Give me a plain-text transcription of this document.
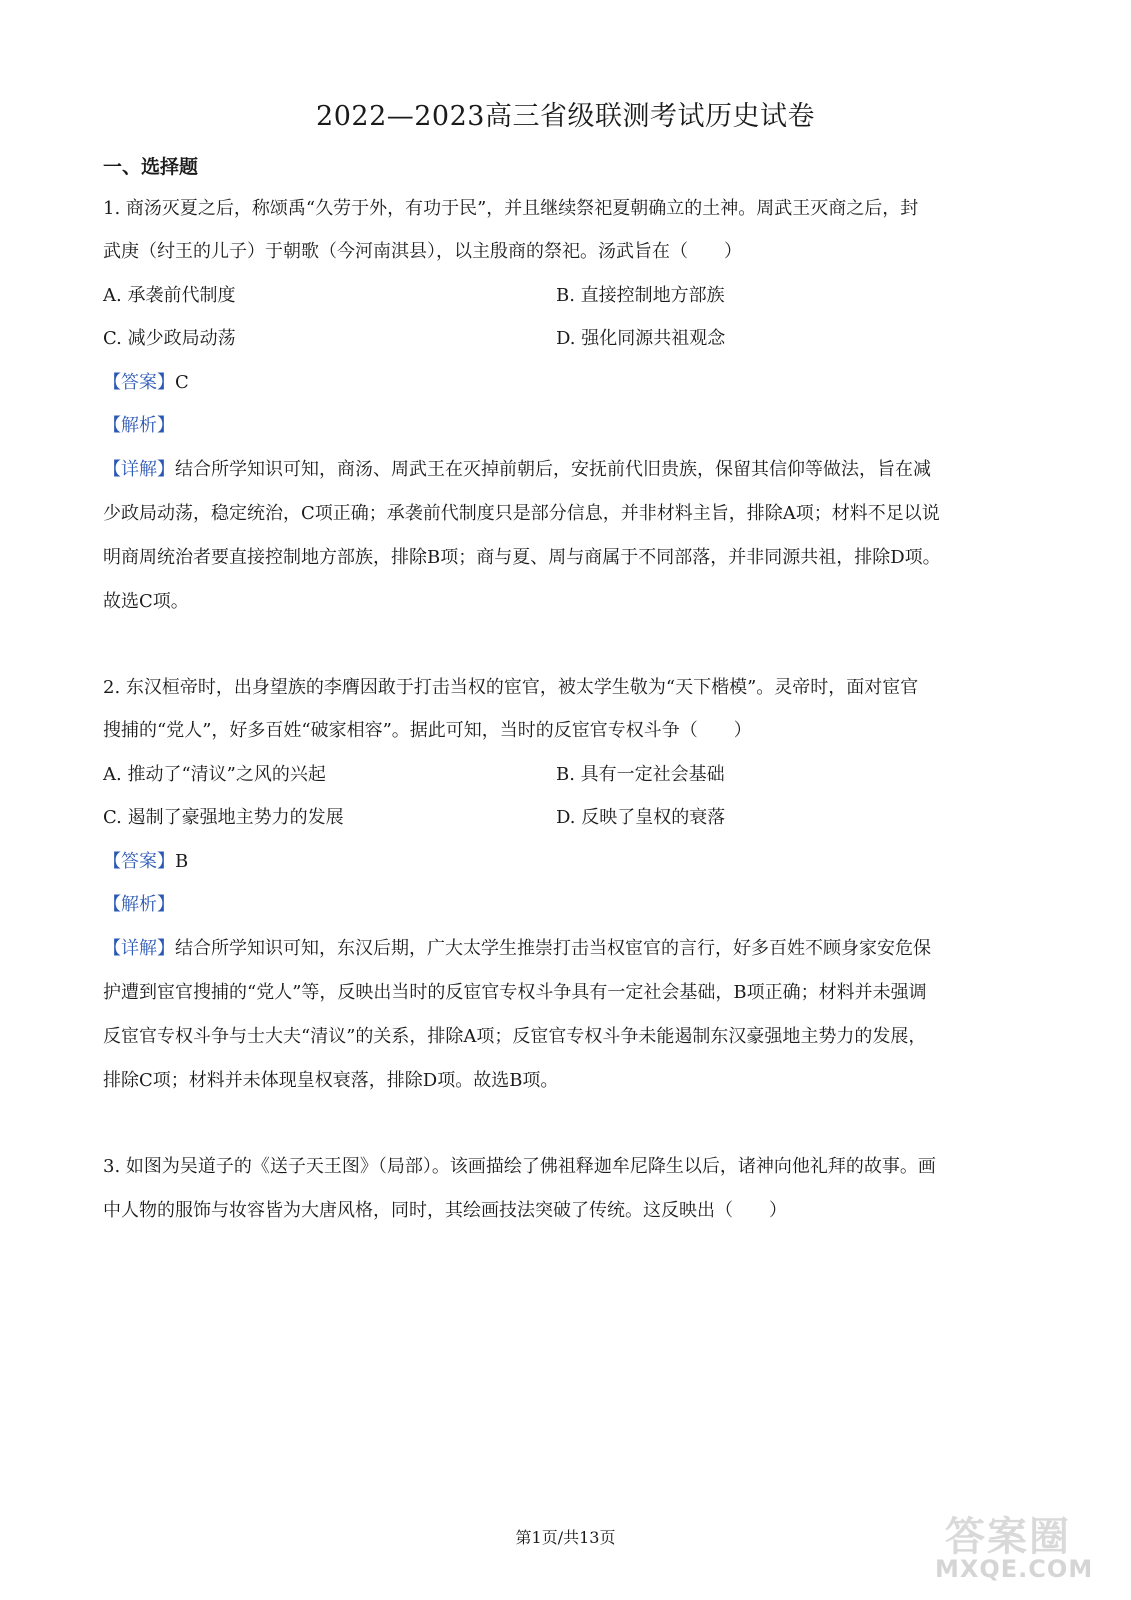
2022—2023高三省级联测考试历史试卷
一、选择题
1. 商汤灭夏之后，称颂禹“久劳于外，有功于民”，并且继续祭祀夏朝确立的土神。周武王灭商之后，封
武庚（纣王的儿子）于朝歌（今河南淇县），以主殷商的祭祀。汤武旨在（　　）
A. 承袭前代制度	B. 直接控制地方部族
C. 减少政局动荡	D. 强化同源共祖观念
【答案】C
【解析】
【详解】结合所学知识可知，商汤、周武王在灭掉前朝后，安抚前代旧贵族，保留其信仰等做法，旨在减
少政局动荡，稳定统治，C项正确；承袭前代制度只是部分信息，并非材料主旨，排除A项；材料不足以说
明商周统治者要直接控制地方部族，排除B项；商与夏、周与商属于不同部落，并非同源共祖，排除D项。
故选C项。
2. 东汉桓帝时，出身望族的李膺因敢于打击当权的宦官，被太学生敬为“天下楷模”。灵帝时，面对宦官
搜捕的“党人”，好多百姓“破家相容”。据此可知，当时的反宦官专权斗争（　　）
A. 推动了“清议”之风的兴起	B. 具有一定社会基础
C. 遏制了豪强地主势力的发展	D. 反映了皇权的衰落
【答案】B
【解析】
【详解】结合所学知识可知，东汉后期，广大太学生推崇打击当权宦官的言行，好多百姓不顾身家安危保
护遭到宦官搜捕的“党人”等，反映出当时的反宦官专权斗争具有一定社会基础，B项正确；材料并未强调
反宦官专权斗争与士大夫“清议”的关系，排除A项；反宦官专权斗争未能遏制东汉豪强地主势力的发展，
排除C项；材料并未体现皇权衰落，排除D项。故选B项。
3. 如图为吴道子的《送子天王图》（局部）。该画描绘了佛祖释迦牟尼降生以后，诸神向他礼拜的故事。画
中人物的服饰与妆容皆为大唐风格，同时，其绘画技法突破了传统。这反映出（　　）
第1页/共13页	答案圈
MXQE.COM
